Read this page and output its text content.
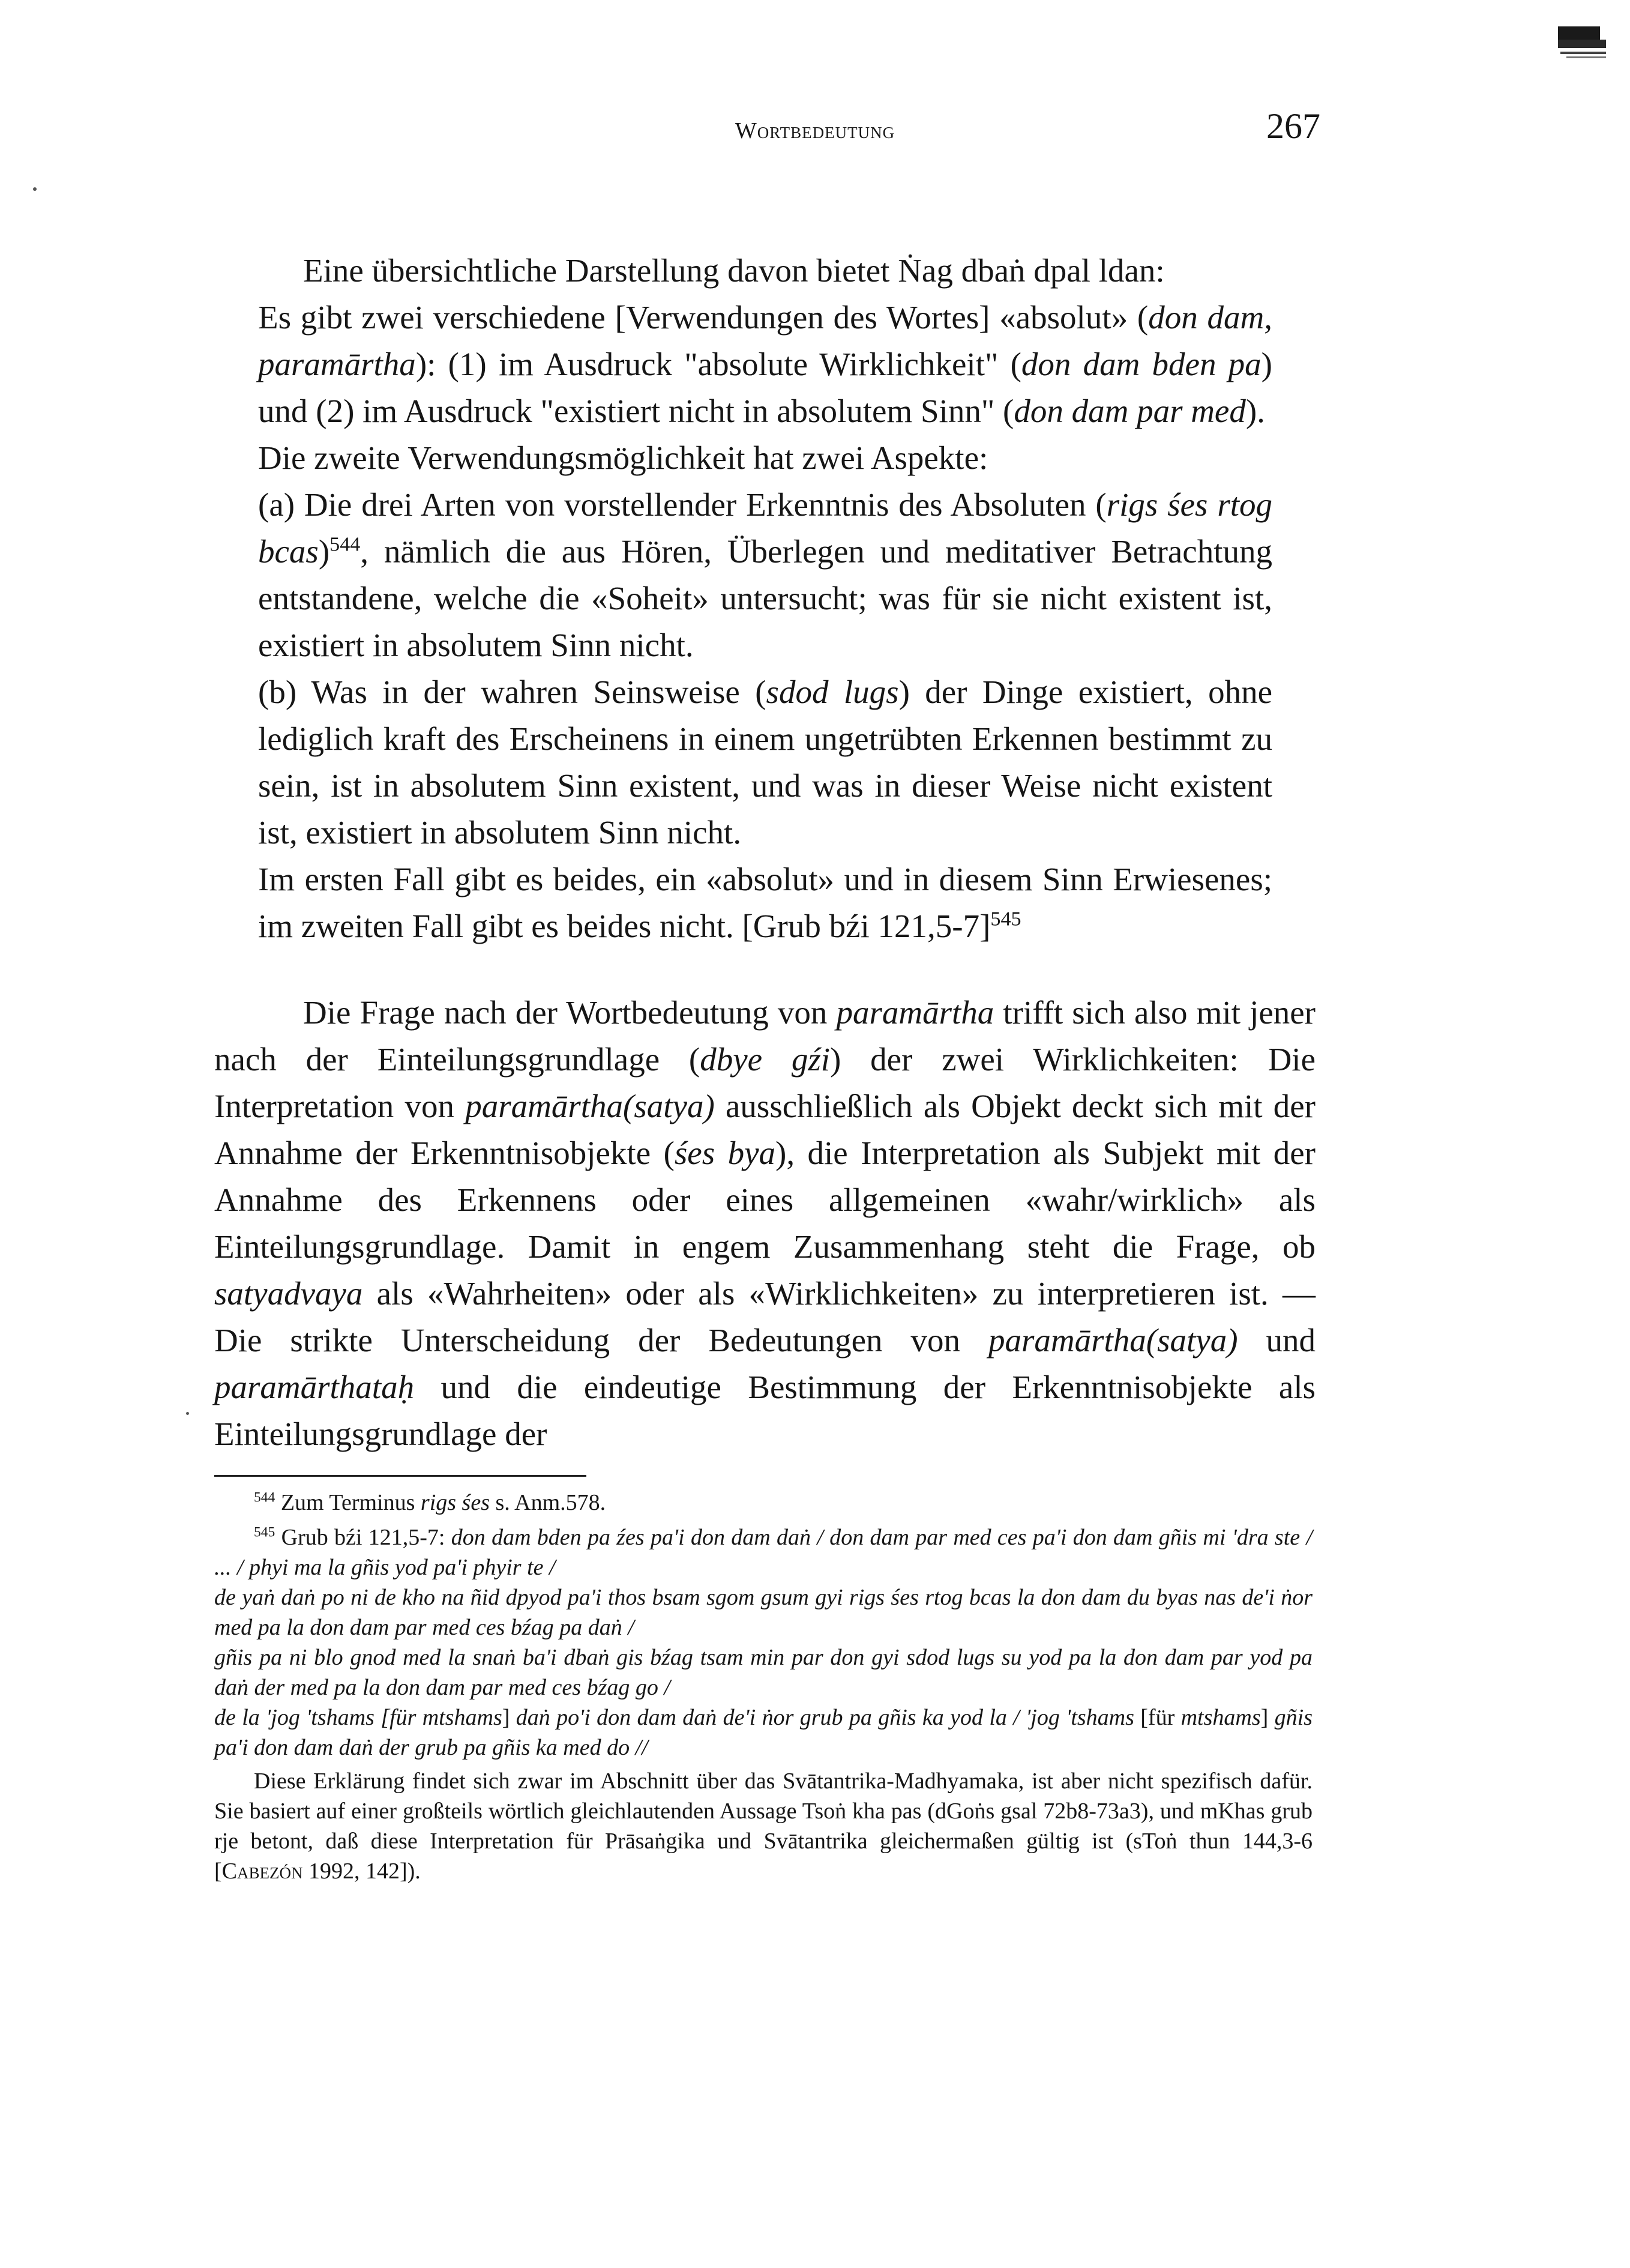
Wortbedeutung	267

Eine übersichtliche Darstellung davon bietet Ṅag dbaṅ dpal ldan:

Es gibt zwei verschiedene [Verwendungen des Wortes] «absolut» (don dam, paramārtha): (1) im Ausdruck "absolute Wirklichkeit" (don dam bden pa) und (2) im Ausdruck "existiert nicht in absolutem Sinn" (don dam par med).

Die zweite Verwendungsmöglichkeit hat zwei Aspekte:

(a) Die drei Arten von vorstellender Erkenntnis des Absoluten (rigs śes rtog bcas)$^{544}$, nämlich die aus Hören, Überlegen und meditativer Betrachtung entstandene, welche die «Soheit» untersucht; was für sie nicht existent ist, existiert in absolutem Sinn nicht.

(b) Was in der wahren Seinsweise (sdod lugs) der Dinge existiert, ohne lediglich kraft des Erscheinens in einem ungetrübten Erkennen bestimmt zu sein, ist in absolutem Sinn existent, und was in dieser Weise nicht existent ist, existiert in absolutem Sinn nicht.

Im ersten Fall gibt es beides, ein «absolut» und in diesem Sinn Erwiesenes; im zweiten Fall gibt es beides nicht. [Grub bźi 121,5-7]$^{545}$

Die Frage nach der Wortbedeutung von paramārtha trifft sich also mit jener nach der Einteilungsgrundlage (dbye gźi) der zwei Wirklichkeiten: Die Interpretation von paramārtha(satya) ausschließlich als Objekt deckt sich mit der Annahme der Erkenntnisobjekte (śes bya), die Interpretation als Subjekt mit der Annahme des Erkennens oder eines allgemeinen «wahr/wirklich» als Einteilungsgrundlage. Damit in engem Zusammenhang steht die Frage, ob satyadvaya als «Wahrheiten» oder als «Wirklichkeiten» zu interpretieren ist. — Die strikte Unterscheidung der Bedeutungen von paramārtha(satya) und paramārthataḥ und die eindeutige Bestimmung der Erkenntnisobjekte als Einteilungsgrundlage der

$^{544}$ Zum Terminus rigs śes s. Anm.578.

$^{545}$ Grub bźi 121,5-7: don dam bden pa źes pa'i don dam daṅ / don dam par med ces pa'i don dam gñis mi 'dra ste / ... / phyi ma la gñis yod pa'i phyir te /

de yaṅ daṅ po ni de kho na ñid dpyod pa'i thos bsam sgom gsum gyi rigs śes rtog bcas la don dam du byas nas de'i ṅor med pa la don dam par med ces bźag pa daṅ /

gñis pa ni blo gnod med la snaṅ ba'i dbaṅ gis bźag tsam min par don gyi sdod lugs su yod pa la don dam par yod pa daṅ der med pa la don dam par med ces bźag go /

de la 'jog 'tshams [für mtshams] daṅ po'i don dam daṅ de'i ṅor grub pa gñis ka yod la / 'jog 'tshams [für mtshams] gñis pa'i don dam daṅ der grub pa gñis ka med do //

Diese Erklärung findet sich zwar im Abschnitt über das Svātantrika-Madhyamaka, ist aber nicht spezifisch dafür. Sie basiert auf einer großteils wörtlich gleichlautenden Aussage Tsoṅ kha pas (dGoṅs gsal 72b8-73a3), und mKhas grub rje betont, daß diese Interpretation für Prāsaṅgika und Svātantrika gleichermaßen gültig ist (sToṅ thun 144,3-6 [Cabezón 1992, 142]).
